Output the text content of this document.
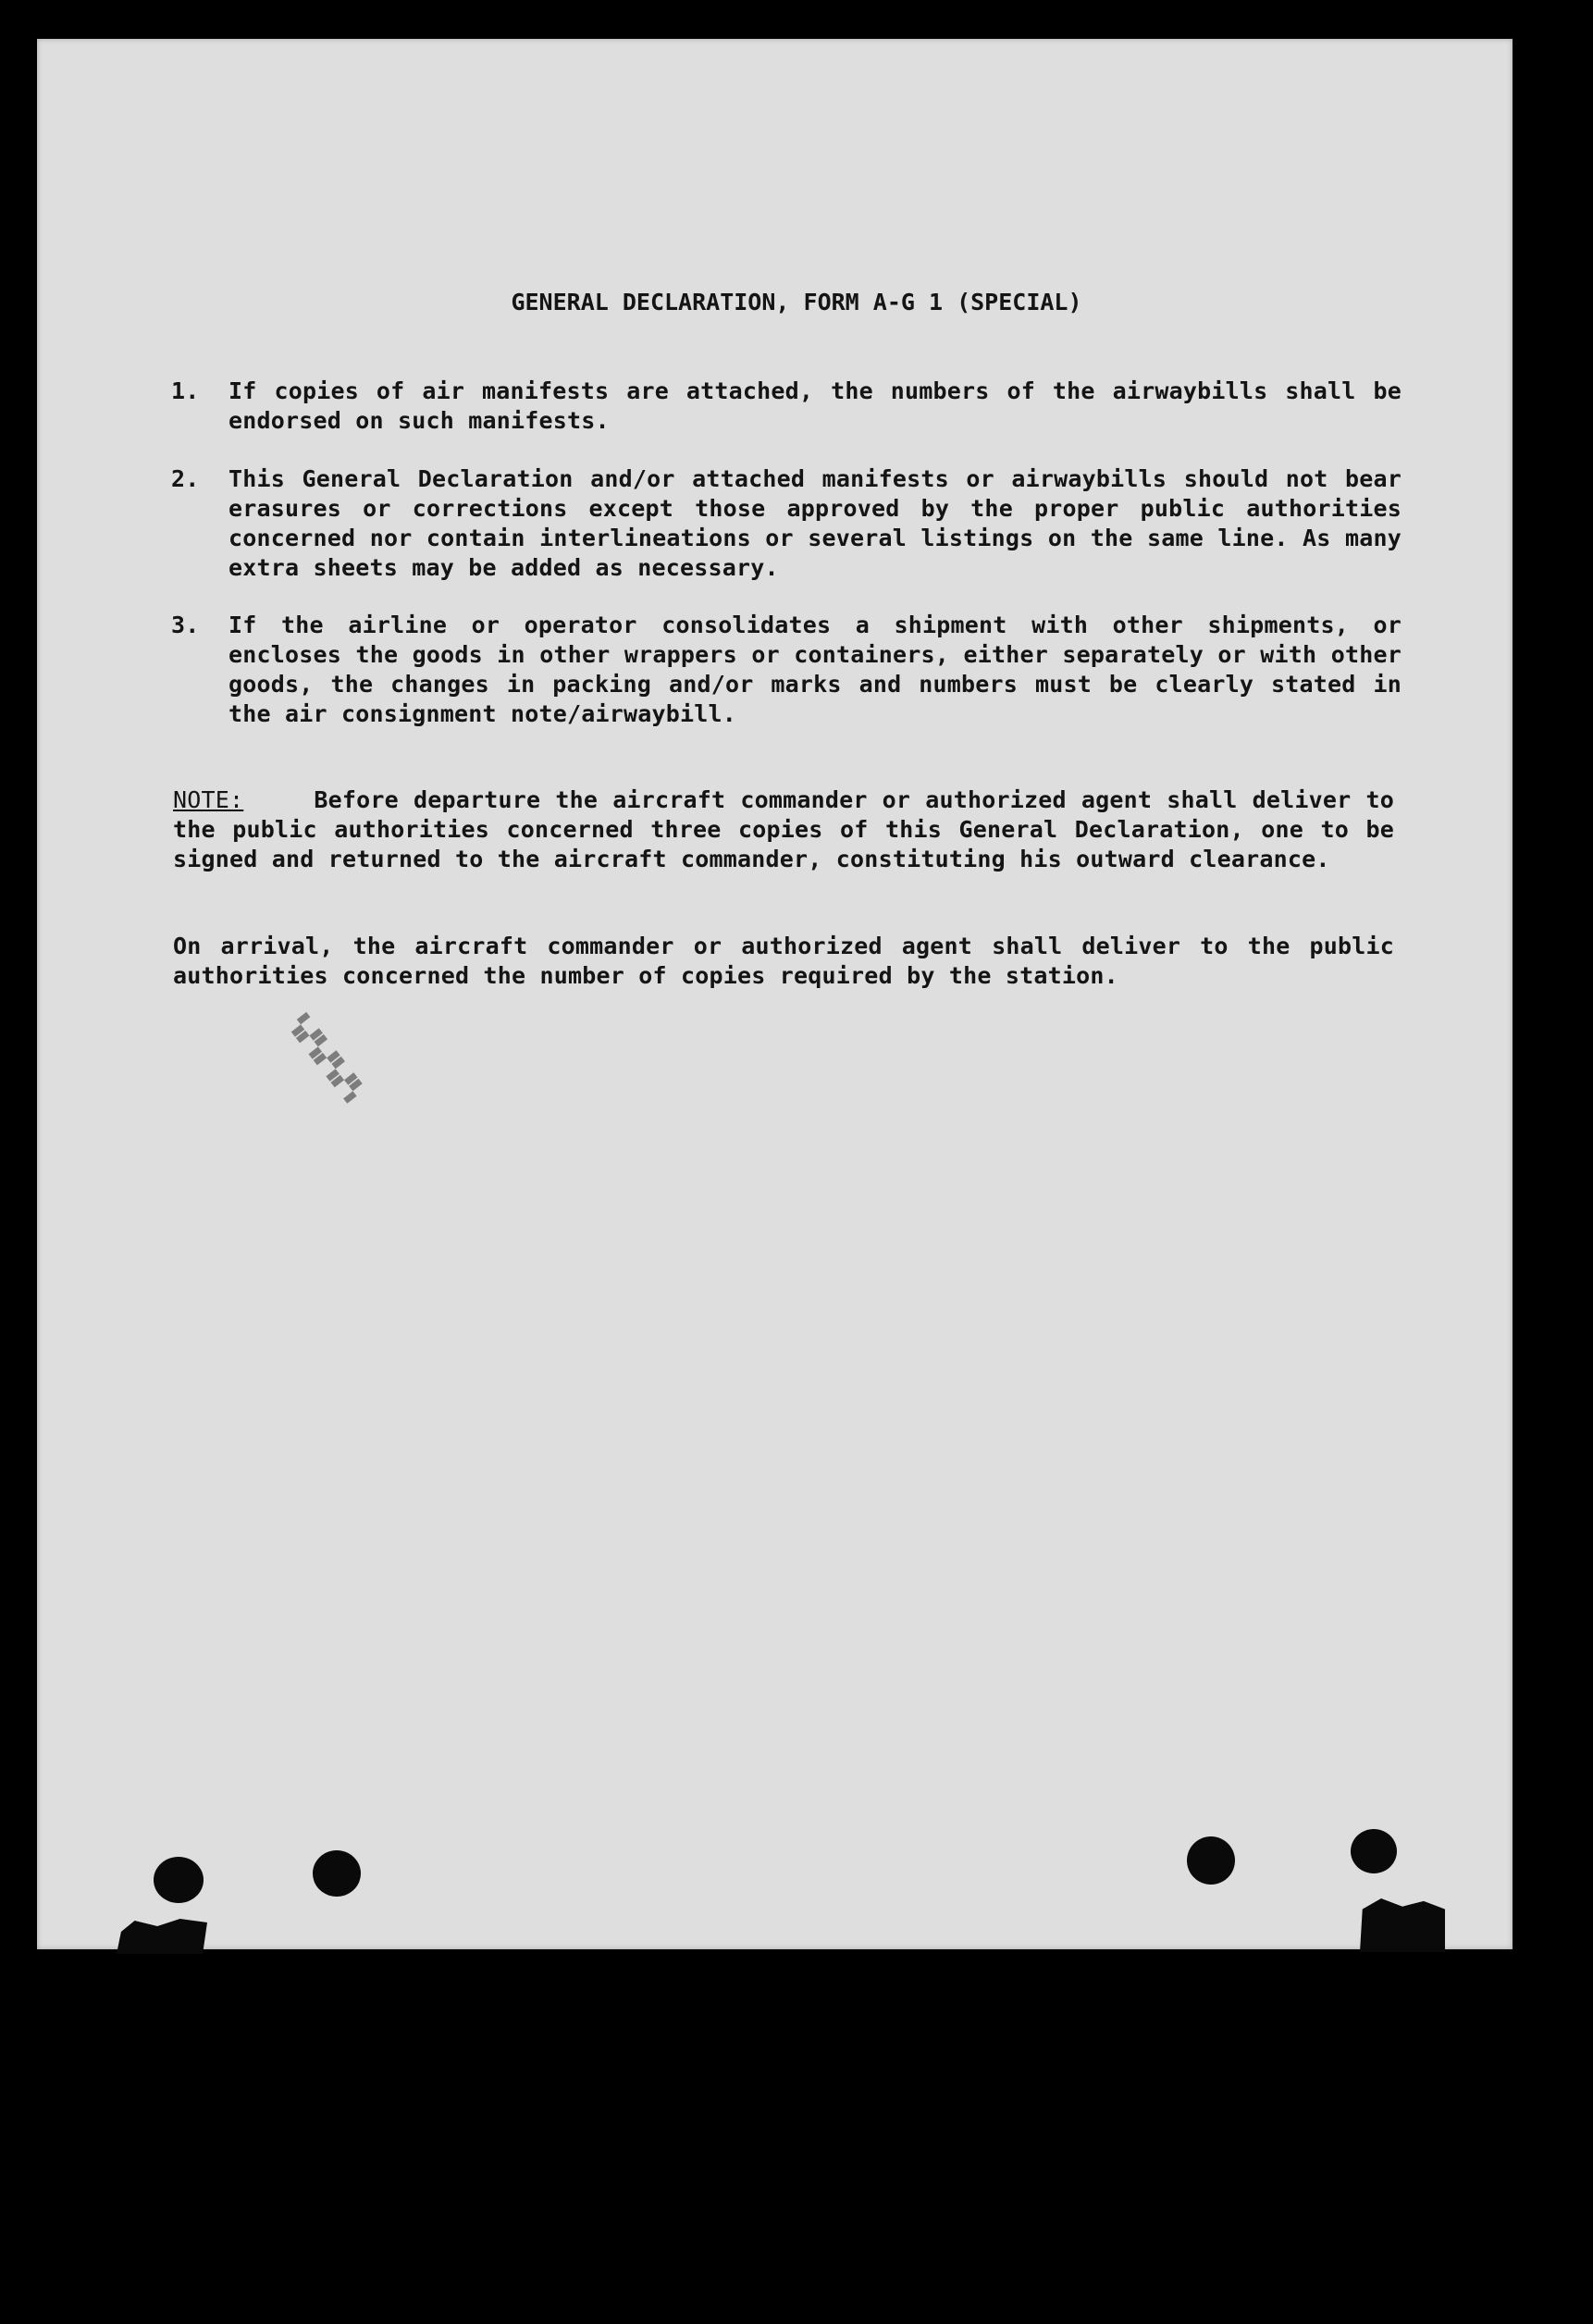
▚▞▚▞▚▞▚
GENERAL DECLARATION, FORM A-G 1 (SPECIAL)
1.	If copies of air manifests are attached, the numbers of the airwaybills shall be endorsed on such manifests.
2.	This General Declaration and/or attached manifests or airwaybills should not bear erasures or corrections except those approved by the proper public authorities concerned nor contain interlineations or several listings on the same line. As many extra sheets may be added as necessary.
3.	If the airline or operator consolidates a shipment with other shipments, or encloses the goods in other wrappers or containers, either separately or with other goods, the changes in packing and/or marks and numbers must be clearly stated in the air consignment note/airwaybill.
NOTE:	Before departure the aircraft commander or authorized agent shall deliver to the public authorities concerned three copies of this General Declaration, one to be signed and returned to the aircraft commander, constituting his outward clearance.
On arrival, the aircraft commander or authorized agent shall deliver to the public authorities concerned the number of copies required by the station.
